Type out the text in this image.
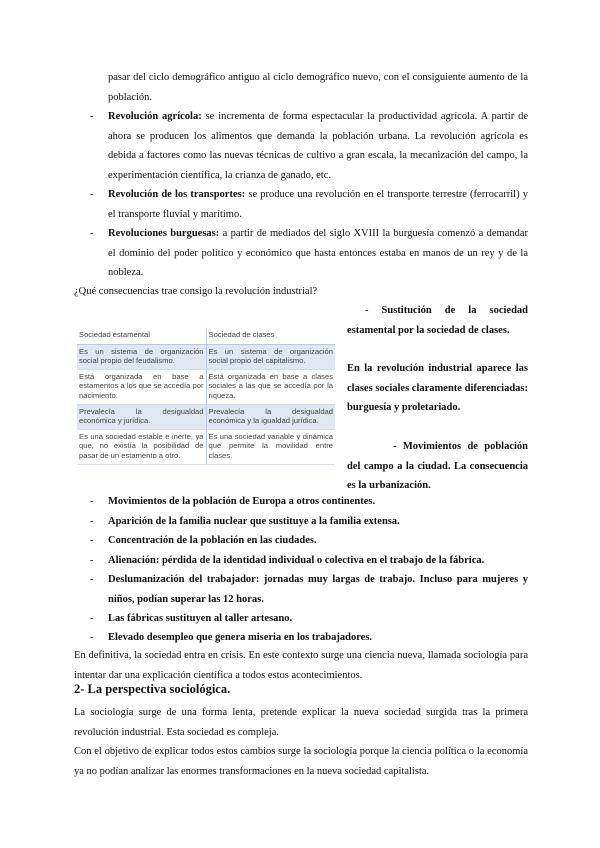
pasar del ciclo demográfico antiguo al ciclo demográfico nuevo, con el consiguiente aumento de la población.

- Revolución agrícola: se incrementa de forma espectacular la productividad agrícola. A partir de ahora se producen los alimentos que demanda la población urbana. La revolución agrícola es debida a factores como las nuevas técnicas de cultivo a gran escala, la mecanización del campo, la experimentación científica, la crianza de ganado, etc.

- Revolución de los transportes: se produce una revolución en el transporte terrestre (ferrocarril) y el transporte fluvial y marítimo.

- Revoluciones burguesas: a partir de mediados del siglo XVIII la burguesía comenzó a demandar el dominio del poder político y económico que hasta entonces estaba en manos de un rey y de la nobleza.

¿Qué consecuencias trae consigo la revolución industrial?

Sociedad estamental	Sociedad de clases
Es un sistema de organización social propio del feudalismo.	Es un sistema de organización social propio del capitalismo.
Está organizada en base a estamentos a los que se accedía por nacimiento.	Está organizada en base a clases sociales a las que se accedía por la riqueza.
Prevalecía la desigualdad económica y jurídica.	Prevalecía la desigualdad económica y la igualdad jurídica.
Es una sociedad estable e inerte, ya que, no existía la posibilidad de pasar de un estamento a otro.	Es una sociedad variable y dinámica que permite la movilidad entre clases.

- Sustitución de la sociedad estamental por la sociedad de clases.

En la revolución industrial aparece las clases sociales claramente diferenciadas: burguesía y proletariado.

- Movimientos de población del campo a la ciudad. La consecuencia es la urbanización.

- Movimientos de la población de Europa a otros continentes.

- Aparición de la familia nuclear que sustituye a la familia extensa.

- Concentración de la población en las ciudades.

- Alienación: pérdida de la identidad individual o colectiva en el trabajo de la fábrica.

- Deslumanización del trabajador: jornadas muy largas de trabajo. Incluso para mujeres y niños, podían superar las 12 horas.

- Las fábricas sustituyen al taller artesano.

- Elevado desempleo que genera miseria en los trabajadores.

En definitiva, la sociedad entra en crisis. En este contexto surge una ciencia nueva, llamada sociología para intentar dar una explicación científica a todos estos acontecimientos.

2- La perspectiva sociológica.

La sociología surge de una forma lenta, pretende explicar la nueva sociedad surgida tras la primera revolución industrial. Esta sociedad es compleja.

Con el objetivo de explicar todos estos cambios surge la sociología porque la ciencia política o la economía ya no podían analizar las enormes transformaciones en la nueva sociedad capitalista.
